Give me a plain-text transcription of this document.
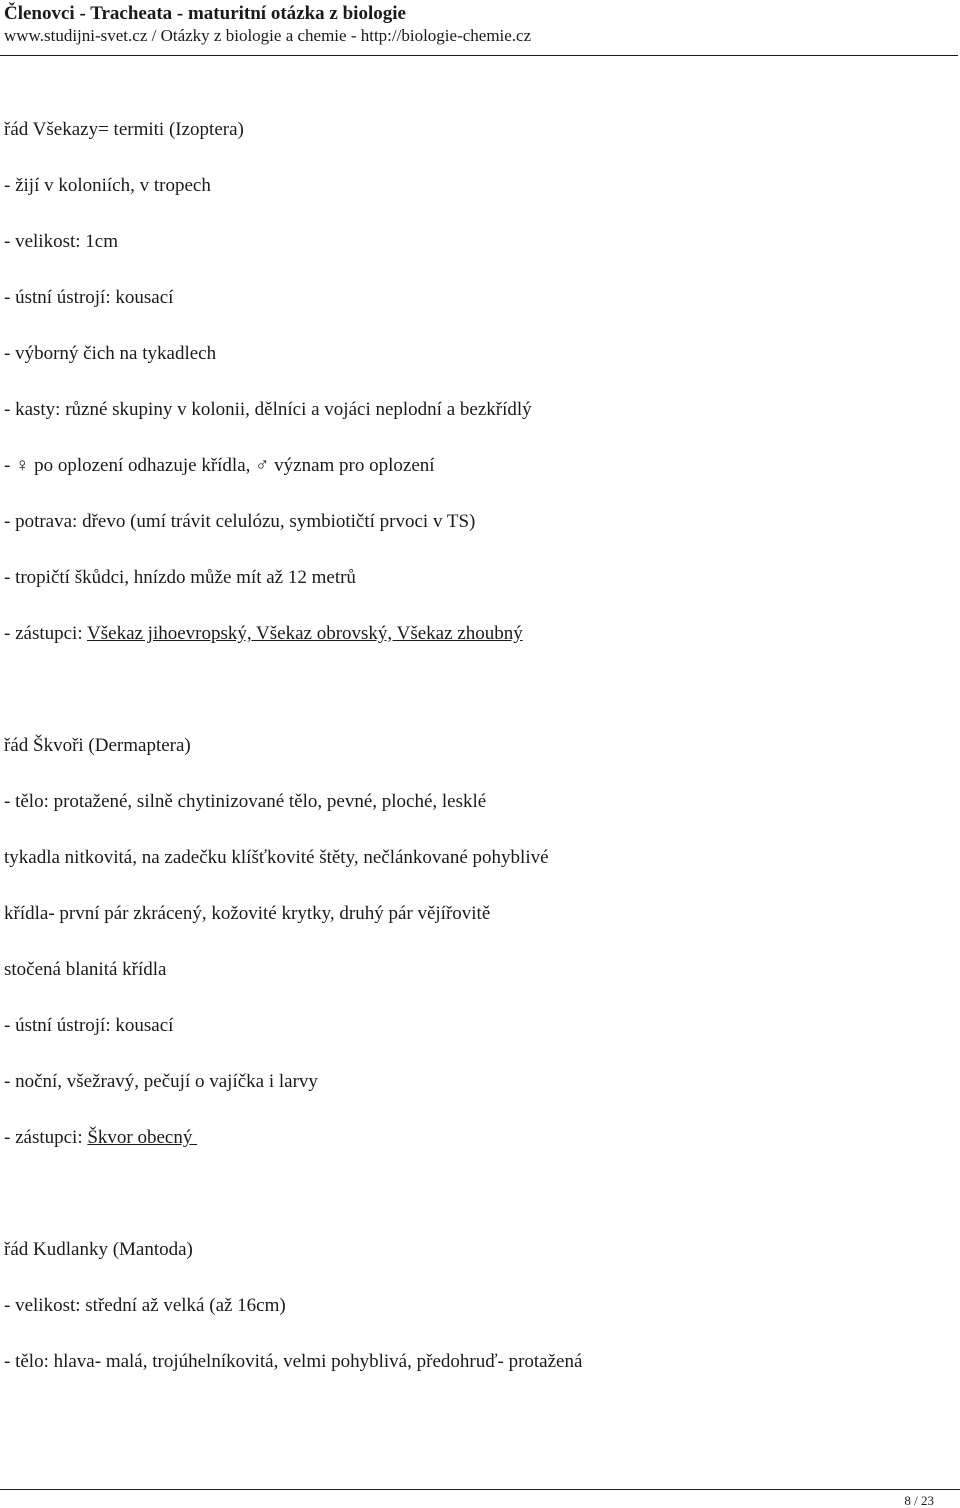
Členovci - Tracheata - maturitní otázka z biologie
www.studijni-svet.cz / Otázky z biologie a chemie - http://biologie-chemie.cz
řád Všekazy= termiti (Izoptera)
- žijí v koloniích, v tropech
- velikost: 1cm
- ústní ústrojí: kousací
- výborný čich na tykadlech
- kasty: různé skupiny v kolonii, dělníci a vojáci neplodní a bezkřídlý
- ♀ po oplození odhazuje křídla, ♂ význam pro oplození
- potrava: dřevo (umí trávit celulózu, symbiotičtí prvoci v TS)
- tropičtí škůdci, hnízdo může mít až 12 metrů
- zástupci: Všekaz jihoevropský, Všekaz obrovský, Všekaz zhoubný
řád Škvoři (Dermaptera)
- tělo: protažené, silně chytinizované tělo, pevné, ploché, lesklé
tykadla nitkovitá, na zadečku klíšťkovité štěty, nečlánkované pohyblivé
křídla- první pár zkrácený, kožovité krytky, druhý pár vějířovitě
stočená blanitá křídla
- ústní ústrojí: kousací
- noční, všežravý, pečují o vajíčka i larvy
- zástupci: Škvor obecný
řád Kudlanky (Mantoda)
- velikost: střední až velká (až 16cm)
- tělo: hlava- malá, trojúhelníkovitá, velmi pohyblivá, předohruď- protažená
8 / 23
